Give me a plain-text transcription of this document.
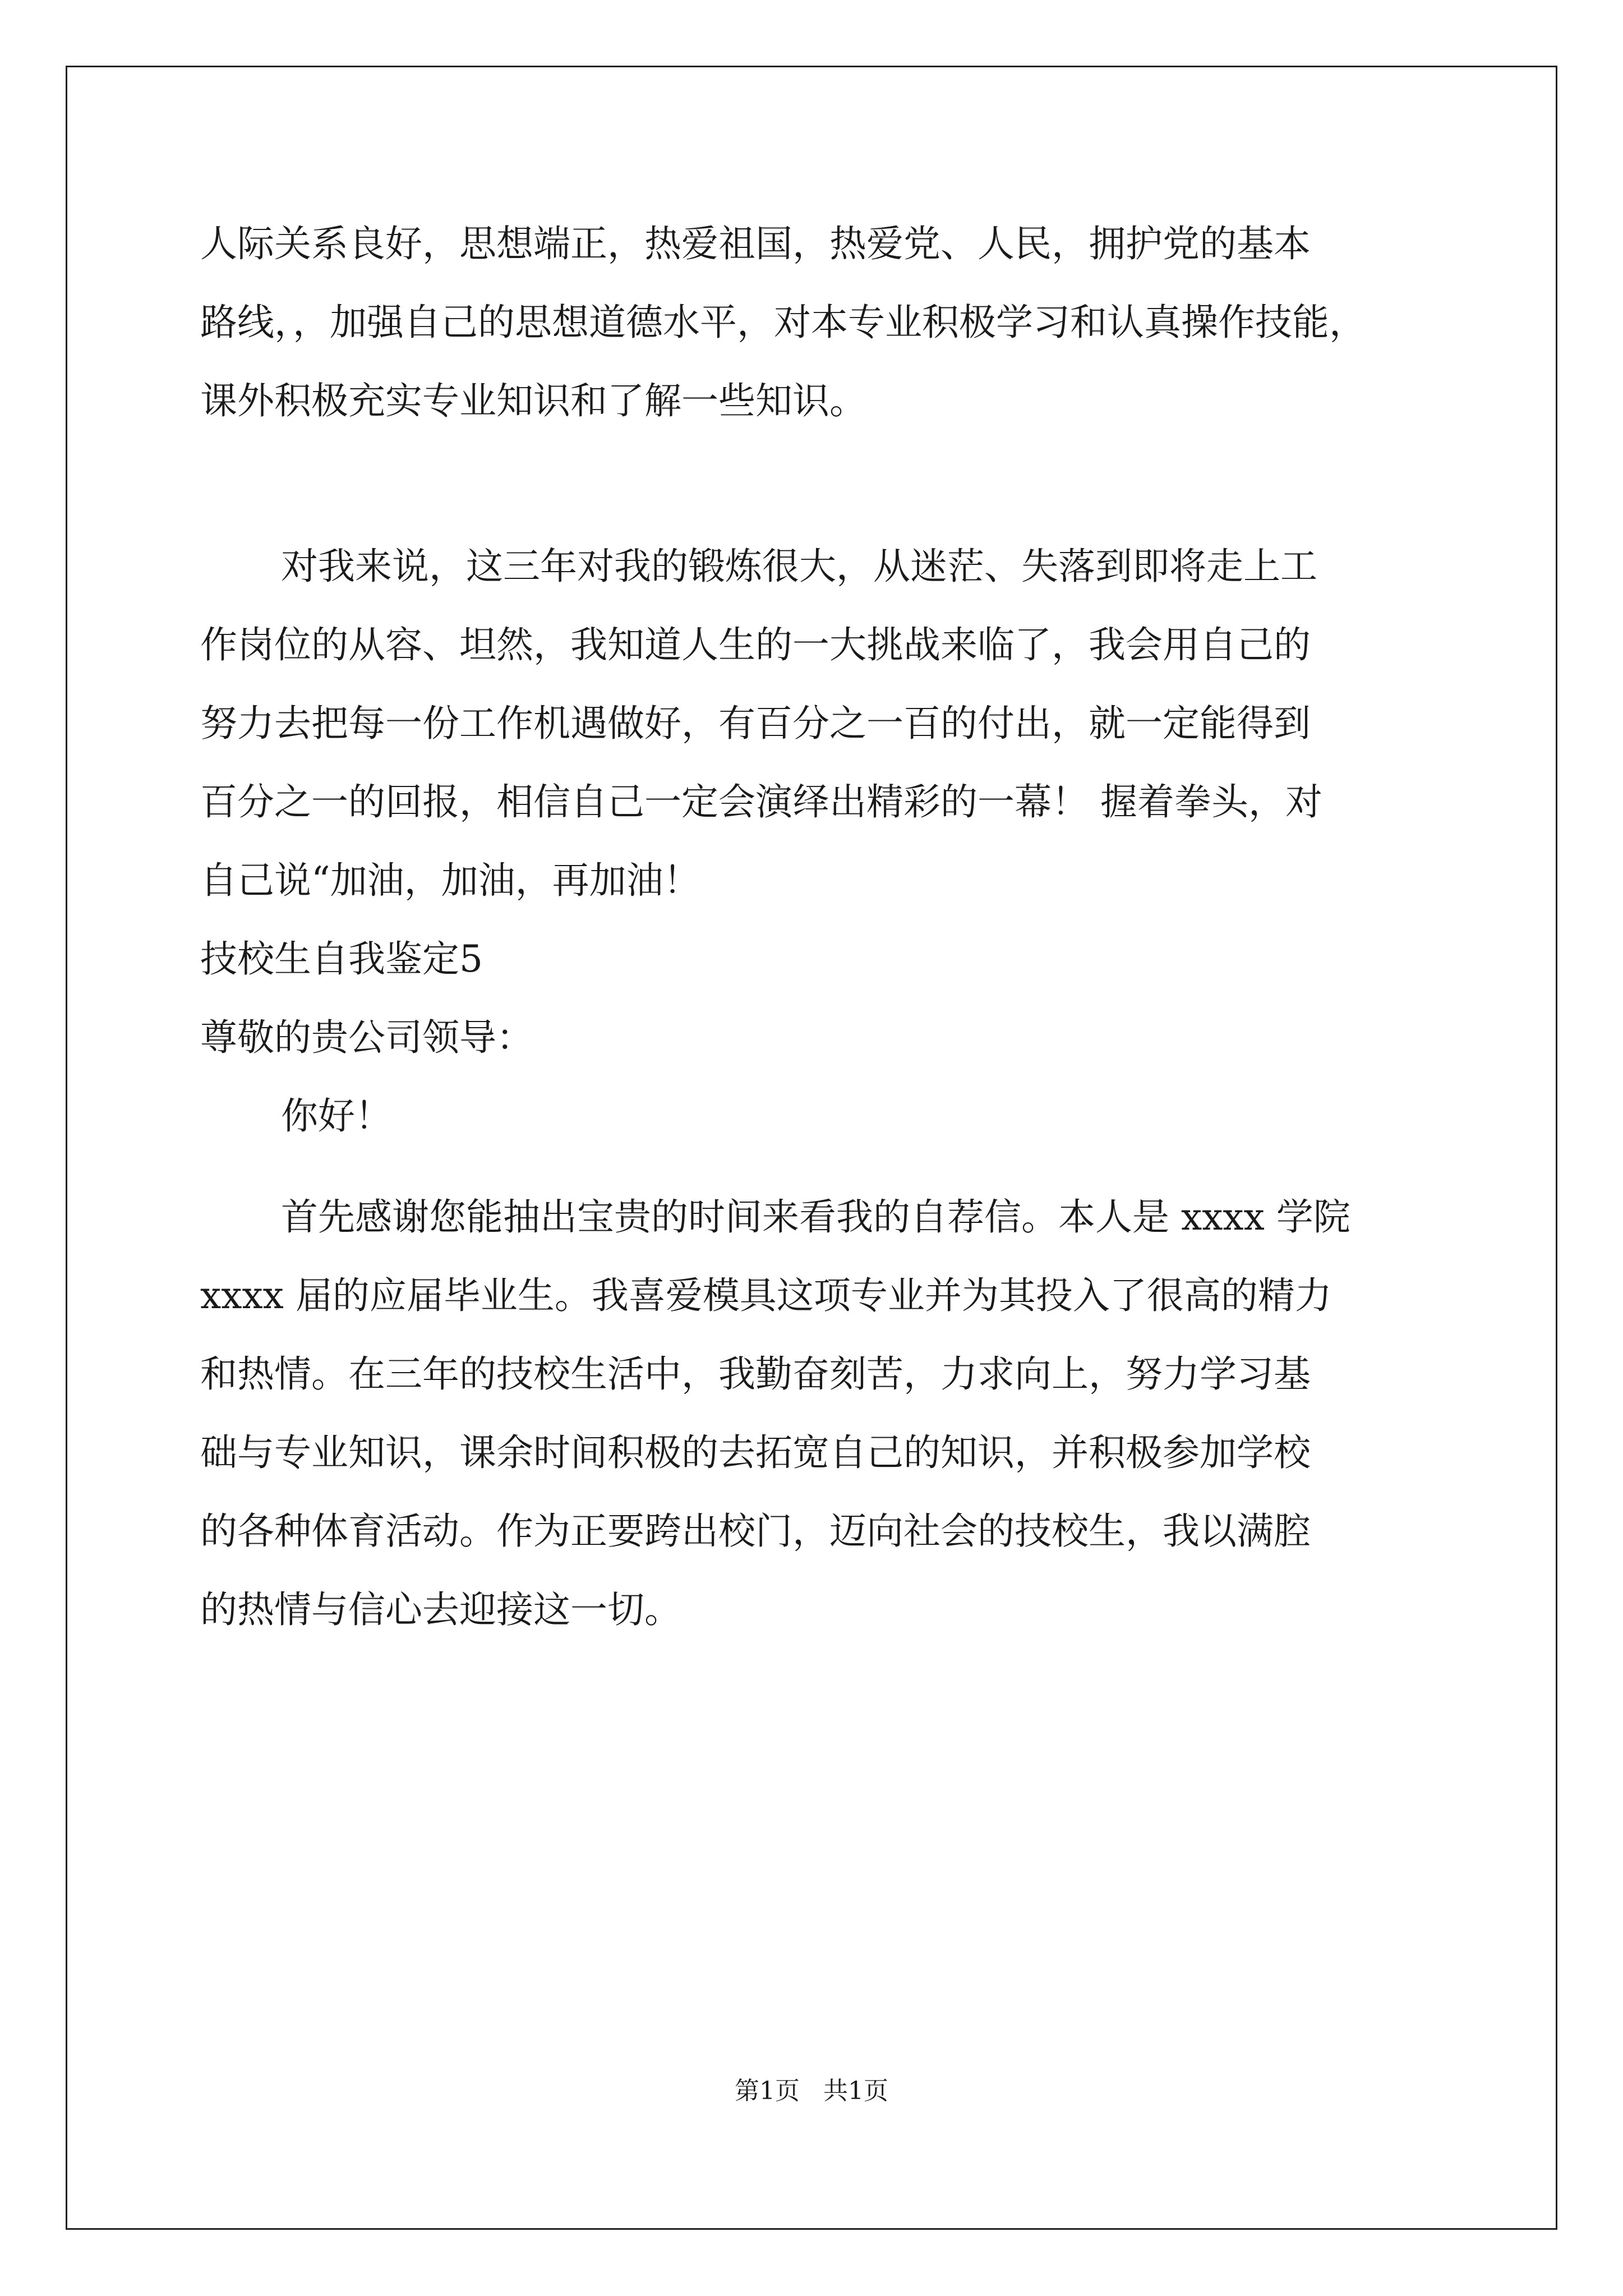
人际关系良好，思想端正，热爱祖国，热爱党、人民，拥护党的基本
路线，，加强自己的思想道德水平，对本专业积极学习和认真操作技能，
课外积极充实专业知识和了解一些知识。
对我来说，这三年对我的锻炼很大，从迷茫、失落到即将走上工
作岗位的从容、坦然，我知道人生的一大挑战来临了，我会用自己的
努力去把每一份工作机遇做好，有百分之一百的付出，就一定能得到
百分之一的回报，相信自己一定会演绎出精彩的一幕！ 握着拳头，对
自己说“加油，加油，再加油！
技校生自我鉴定5
尊敬的贵公司领导：
你好！
首先感谢您能抽出宝贵的时间来看我的自荐信。本人是 xxxx 学院
xxxx 届的应届毕业生。我喜爱模具这项专业并为其投入了很高的精力
和热情。在三年的技校生活中，我勤奋刻苦，力求向上，努力学习基
础与专业知识，课余时间积极的去拓宽自己的知识，并积极参加学校
的各种体育活动。作为正要跨出校门，迈向社会的技校生，我以满腔
的热情与信心去迎接这一切。
第1页   共1页
